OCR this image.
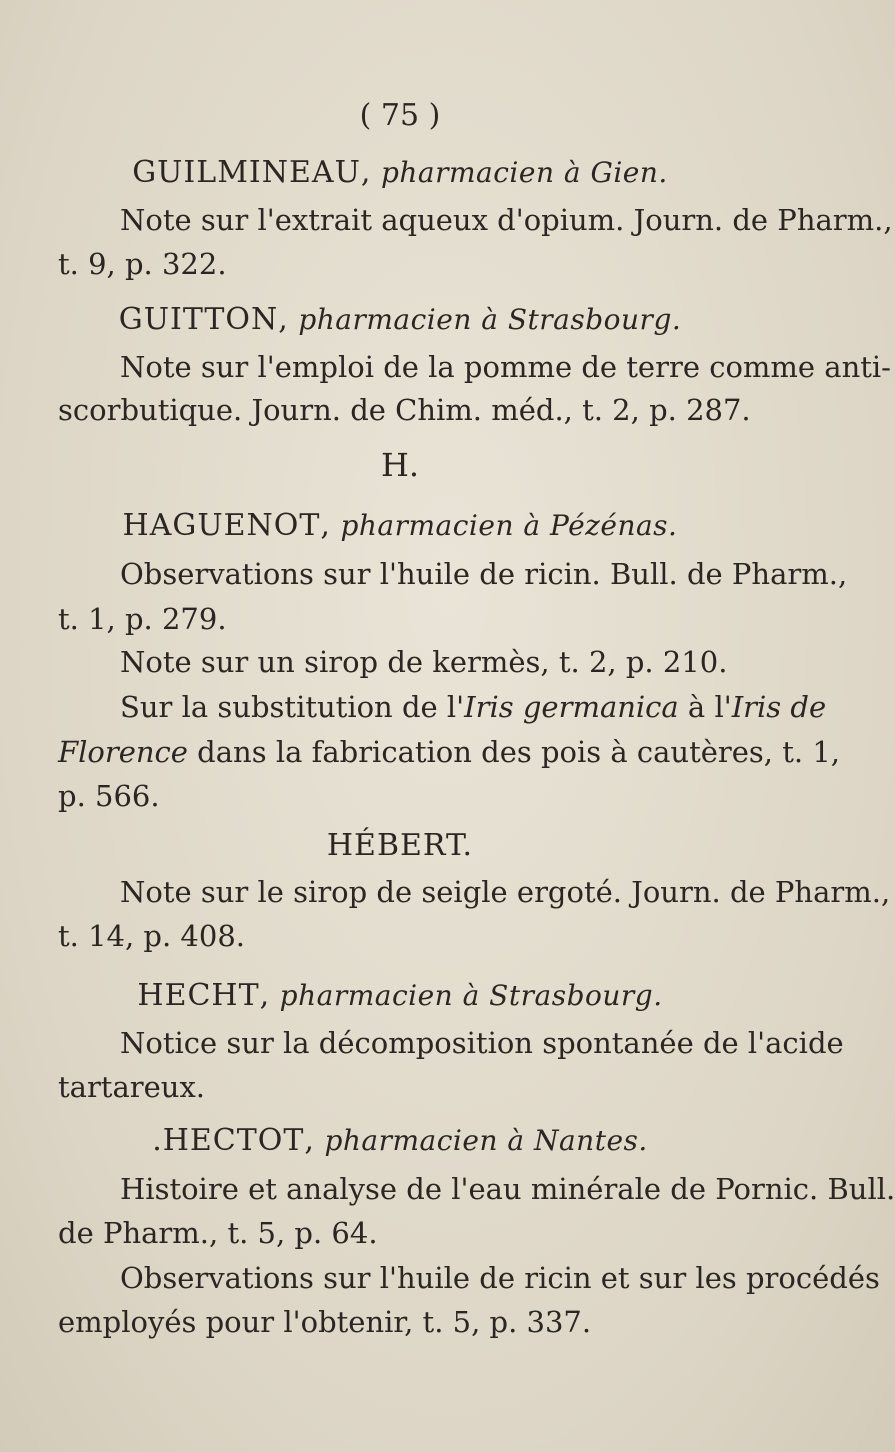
( 75 )
GUILMINEAU, pharmacien à Gien.
Note sur l'extrait aqueux d'opium. Journ. de Pharm.,
t. 9, p. 322.
GUITTON, pharmacien à Strasbourg.
Note sur l'emploi de la pomme de terre comme anti-
scorbutique. Journ. de Chim. méd., t. 2, p. 287.
H.
HAGUENOT, pharmacien à Pézénas.
Observations sur l'huile de ricin. Bull. de Pharm.,
t. 1, p. 279.
Note sur un sirop de kermès, t. 2, p. 210.
Sur la substitution de l'Iris germanica à l'Iris de
Florence dans la fabrication des pois à cautères, t. 1,
p. 566.
HÉBERT.
Note sur le sirop de seigle ergoté. Journ. de Pharm.,
t. 14, p. 408.
HECHT, pharmacien à Strasbourg.
Notice sur la décomposition spontanée de l'acide
tartareux.
.HECTOT, pharmacien à Nantes.
Histoire et analyse de l'eau minérale de Pornic. Bull.
de Pharm., t. 5, p. 64.
Observations sur l'huile de ricin et sur les procédés
employés pour l'obtenir, t. 5, p. 337.
